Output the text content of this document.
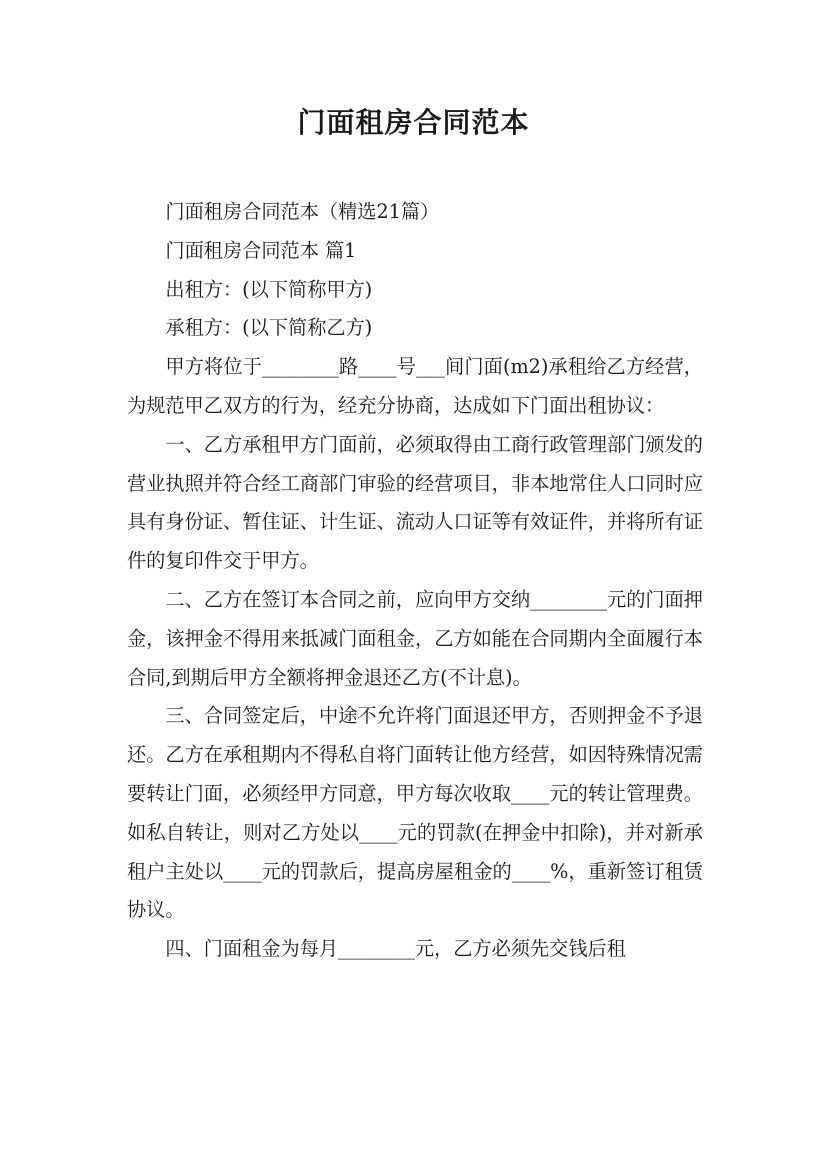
门面租房合同范本

门面租房合同范本（精选21篇）

门面租房合同范本 篇1

出租方：(以下简称甲方)

承租方：(以下简称乙方)

甲方将位于________路____号___间门面(m2)承租给乙方经营，为规范甲乙双方的行为，经充分协商，达成如下门面出租协议：

一、乙方承租甲方门面前，必须取得由工商行政管理部门颁发的营业执照并符合经工商部门审验的经营项目，非本地常住人口同时应具有身份证、暂住证、计生证、流动人口证等有效证件，并将所有证件的复印件交于甲方。

二、乙方在签订本合同之前，应向甲方交纳________元的门面押金，该押金不得用来抵减门面租金，乙方如能在合同期内全面履行本合同,到期后甲方全额将押金退还乙方(不计息)。

三、合同签定后，中途不允许将门面退还甲方，否则押金不予退还。乙方在承租期内不得私自将门面转让他方经营，如因特殊情况需要转让门面，必须经甲方同意，甲方每次收取____元的转让管理费。如私自转让，则对乙方处以____元的罚款(在押金中扣除)，并对新承租户主处以____元的罚款后，提高房屋租金的____%，重新签订租赁协议。

四、门面租金为每月________元，乙方必须先交钱后租
